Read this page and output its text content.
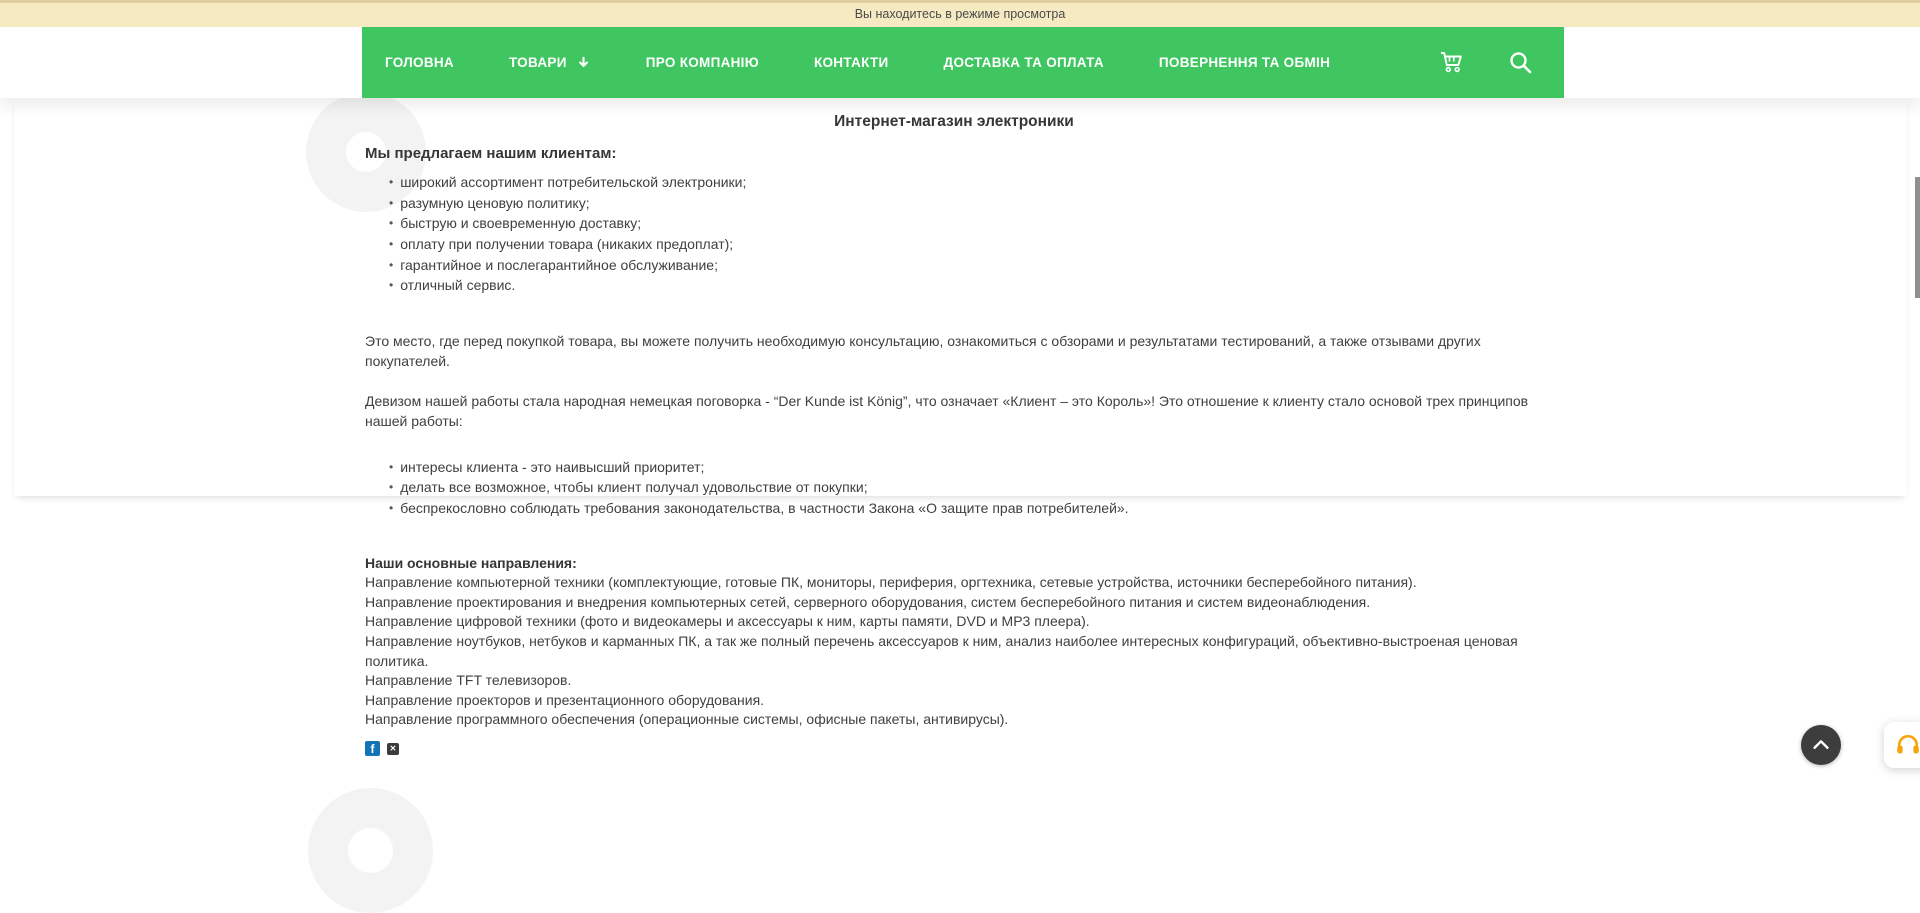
Вы находитесь в режиме просмотра
ГОЛОВНА	ТОВАРИ	ПРО КОМПАНІЮ	КОНТАКТИ	ДОСТАВКА ТА ОПЛАТА	ПОВЕРНЕННЯ ТА ОБМІН
Интернет-магазин электроники
Мы предлагаем нашим клиентам:
• широкий ассортимент потребительской электроники;
• разумную ценовую политику;
• быструю и своевременную доставку;
• оплату при получении товара (никаких предоплат);
• гарантийное и послегарантийное обслуживание;
• отличный сервис.

Это место, где перед покупкой товара, вы можете получить необходимую консультацию, ознакомиться с обзорами и результатами тестирований, а также отзывами других покупателей.

Девизом нашей работы стала народная немецкая поговорка - “Der Kunde ist König”, что означает «Клиент – это Король»! Это отношение к клиенту стало основой трех принципов нашей работы:

• интересы клиента - это наивысший приоритет;
• делать все возможное, чтобы клиент получал удовольствие от покупки;
• беспрекословно соблюдать требования законодательства, в частности Закона «О защите прав потребителей».
Наши основные направления:
Направление компьютерной техники (комплектующие, готовые ПК, мониторы, периферия, оргтехника, сетевые устройства, источники бесперебойного питания).
Направление проектирования и внедрения компьютерных сетей, серверного оборудования, систем бесперебойного питания и систем видеонаблюдения.
Направление цифровой техники (фото и видеокамеры и аксессуары к ним, карты памяти, DVD и MP3 плеера).
Направление ноутбуков, нетбуков и карманных ПК, а так же полный перечень аксессуаров к ним, анализ наиболее интересных конфигураций, объективно-выстроеная ценовая политика.
Направление TFT телевизоров.
Направление проекторов и презентационного оборудования.
Направление программного обеспечения (операционные системы, офисные пакеты, антивирусы).
f	✕
